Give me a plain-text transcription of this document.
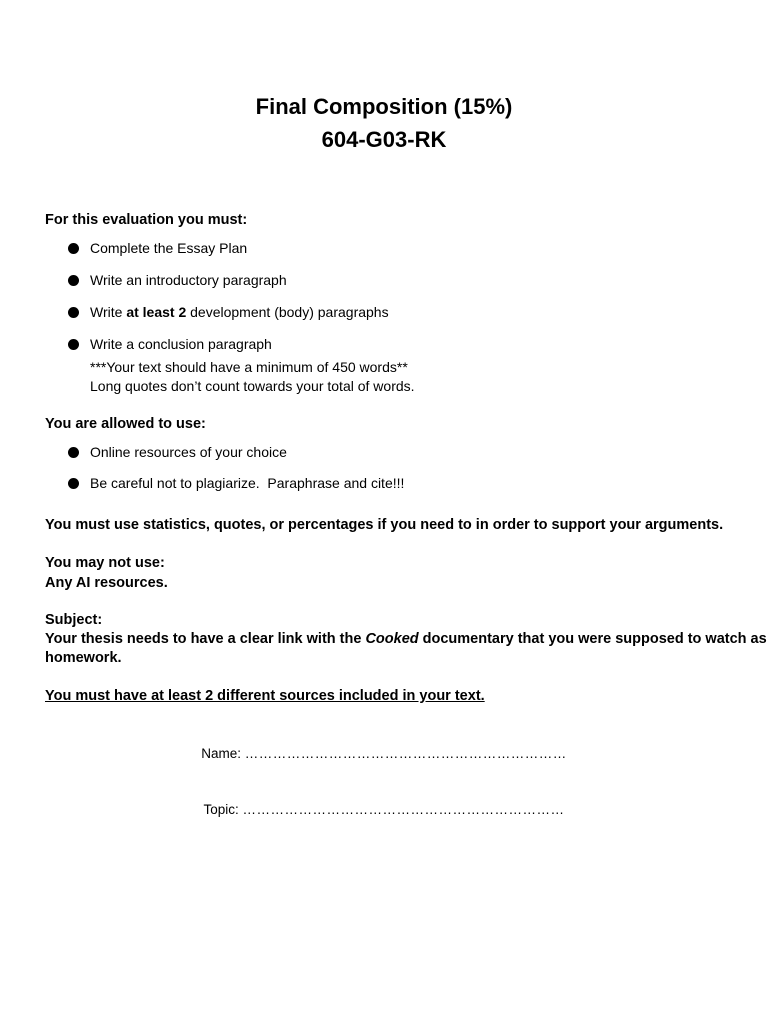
Final Composition (15%)
604-G03-RK
For this evaluation you must:
Complete the Essay Plan
Write an introductory paragraph
Write at least 2 development (body) paragraphs
Write a conclusion paragraph
***Your text should have a minimum of 450 words**
Long quotes don’t count towards your total of words.
You are allowed to use:
Online resources of your choice
Be careful not to plagiarize.  Paraphrase and cite!!!
You must use statistics, quotes, or percentages if you need to in order to support your arguments.
You may not use:
Any AI resources.
Subject:
Your thesis needs to have a clear link with the Cooked documentary that you were supposed to watch as
homework.
You must have at least 2 different sources included in your text.
Name: ……………………………………………………………
Topic: ……………………………………………………………
